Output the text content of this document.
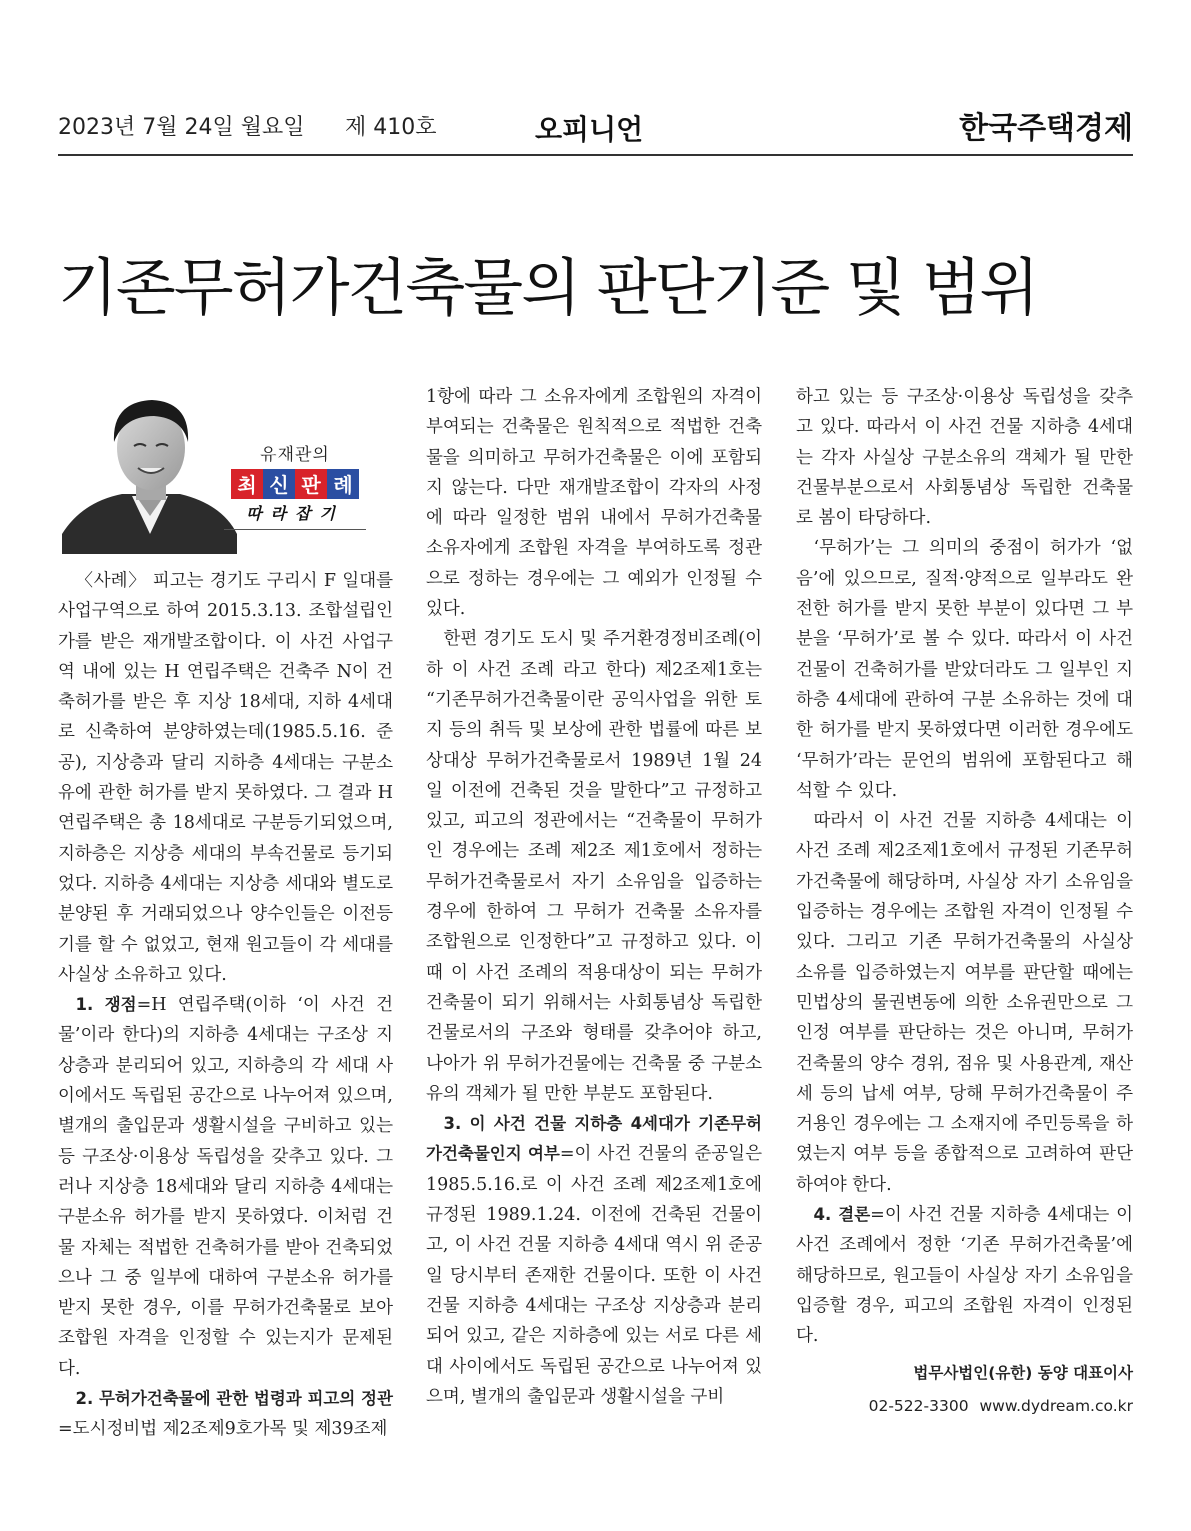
2023년 7월 24일 월요일 제 410호	오피니언	한국주택경제
기존무허가건축물의 판단기준 및 범위
유재관의
최 신 판 례
따라잡기

〈사례〉 피고는 경기도 구리시 F 일대를 사업구역으로 하여 2015.3.13. 조합설립인가를 받은 재개발조합이다. 이 사건 사업구역 내에 있는 H 연립주택은 건축주 N이 건축허가를 받은 후 지상 18세대, 지하 4세대로 신축하여 분양하였는데(1985.5.16. 준공), 지상층과 달리 지하층 4세대는 구분소유에 관한 허가를 받지 못하였다. 그 결과 H 연립주택은 총 18세대로 구분등기되었으며, 지하층은 지상층 세대의 부속건물로 등기되었다. 지하층 4세대는 지상층 세대와 별도로 분양된 후 거래되었으나 양수인들은 이전등기를 할 수 없었고, 현재 원고들이 각 세대를 사실상 소유하고 있다.

1. 쟁점=H 연립주택(이하 ‘이 사건 건물’이라 한다)의 지하층 4세대는 구조상 지상층과 분리되어 있고, 지하층의 각 세대 사이에서도 독립된 공간으로 나누어져 있으며, 별개의 출입문과 생활시설을 구비하고 있는 등 구조상·이용상 독립성을 갖추고 있다. 그러나 지상층 18세대와 달리 지하층 4세대는 구분소유 허가를 받지 못하였다. 이처럼 건물 자체는 적법한 건축허가를 받아 건축되었으나 그 중 일부에 대하여 구분소유 허가를 받지 못한 경우, 이를 무허가건축물로 보아 조합원 자격을 인정할 수 있는지가 문제된다.

2. 무허가건축물에 관한 법령과 피고의 정관

=도시정비법 제2조제9호가목 및 제39조제

1항에 따라 그 소유자에게 조합원의 자격이 부여되는 건축물은 원칙적으로 적법한 건축물을 의미하고 무허가건축물은 이에 포함되지 않는다. 다만 재개발조합이 각자의 사정에 따라 일정한 범위 내에서 무허가건축물 소유자에게 조합원 자격을 부여하도록 정관으로 정하는 경우에는 그 예외가 인정될 수 있다.

한편 경기도 도시 및 주거환경정비조례(이하 이 사건 조례 라고 한다) 제2조제1호는 “기존무허가건축물이란 공익사업을 위한 토지 등의 취득 및 보상에 관한 법률에 따른 보상대상 무허가건축물로서 1989년 1월 24일 이전에 건축된 것을 말한다”고 규정하고 있고, 피고의 정관에서는 “건축물이 무허가인 경우에는 조례 제2조 제1호에서 정하는 무허가건축물로서 자기 소유임을 입증하는 경우에 한하여 그 무허가 건축물 소유자를 조합원으로 인정한다”고 규정하고 있다. 이때 이 사건 조례의 적용대상이 되는 무허가건축물이 되기 위해서는 사회통념상 독립한 건물로서의 구조와 형태를 갖추어야 하고, 나아가 위 무허가건물에는 건축물 중 구분소유의 객체가 될 만한 부분도 포함된다.

3. 이 사건 건물 지하층 4세대가 기존무허가건축물인지 여부=이 사건 건물의 준공일은 1985.5.16.로 이 사건 조례 제2조제1호에 규정된 1989.1.24. 이전에 건축된 건물이고, 이 사건 건물 지하층 4세대 역시 위 준공일 당시부터 존재한 건물이다. 또한 이 사건 건물 지하층 4세대는 구조상 지상층과 분리되어 있고, 같은 지하층에 있는 서로 다른 세대 사이에서도 독립된 공간으로 나누어져 있으며, 별개의 출입문과 생활시설을 구비

하고 있는 등 구조상·이용상 독립성을 갖추고 있다. 따라서 이 사건 건물 지하층 4세대는 각자 사실상 구분소유의 객체가 될 만한 건물부분으로서 사회통념상 독립한 건축물로 봄이 타당하다.

‘무허가’는 그 의미의 중점이 허가가 ‘없음’에 있으므로, 질적·양적으로 일부라도 완전한 허가를 받지 못한 부분이 있다면 그 부분을 ‘무허가’로 볼 수 있다. 따라서 이 사건 건물이 건축허가를 받았더라도 그 일부인 지하층 4세대에 관하여 구분 소유하는 것에 대한 허가를 받지 못하였다면 이러한 경우에도 ‘무허가’라는 문언의 범위에 포함된다고 해석할 수 있다.

따라서 이 사건 건물 지하층 4세대는 이 사건 조례 제2조제1호에서 규정된 기존무허가건축물에 해당하며, 사실상 자기 소유임을 입증하는 경우에는 조합원 자격이 인정될 수 있다. 그리고 기존 무허가건축물의 사실상 소유를 입증하였는지 여부를 판단할 때에는 민법상의 물권변동에 의한 소유권만으로 그 인정 여부를 판단하는 것은 아니며, 무허가건축물의 양수 경위, 점유 및 사용관계, 재산세 등의 납세 여부, 당해 무허가건축물이 주거용인 경우에는 그 소재지에 주민등록을 하였는지 여부 등을 종합적으로 고려하여 판단하여야 한다.

4. 결론=이 사건 건물 지하층 4세대는 이 사건 조례에서 정한 ‘기존 무허가건축물’에 해당하므로, 원고들이 사실상 자기 소유임을 입증할 경우, 피고의 조합원 자격이 인정된다.

법무사법인(유한) 동양 대표이사
02-522-3300 www.dydream.co.kr
